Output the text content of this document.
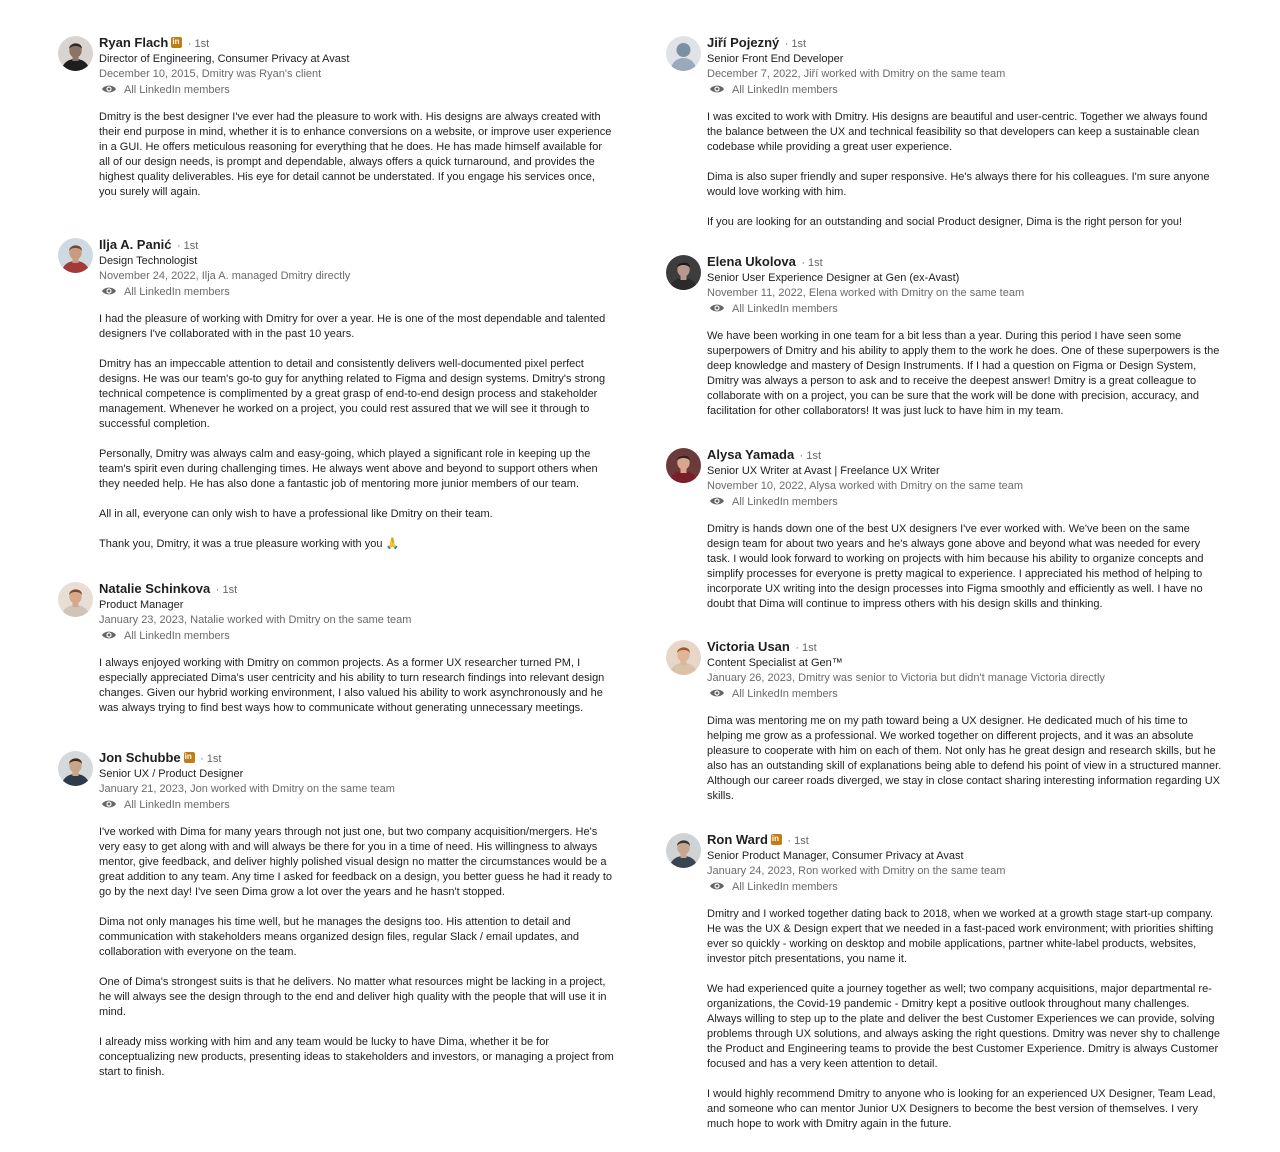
Ryan Flach in · 1st
Director of Engineering, Consumer Privacy at Avast
December 10, 2015, Dmitry was Ryan's client
All LinkedIn members

Dmitry is the best designer I've ever had the pleasure to work with. His designs are always created with their end purpose in mind, whether it is to enhance conversions on a website, or improve user experience in a GUI. He offers meticulous reasoning for everything that he does. He has made himself available for all of our design needs, is prompt and dependable, always offers a quick turnaround, and provides the highest quality deliverables. His eye for detail cannot be understated. If you engage his services once, you surely will again.

Ilja A. Panić · 1st
Design Technologist
November 24, 2022, Ilja A. managed Dmitry directly
All LinkedIn members

I had the pleasure of working with Dmitry for over a year. He is one of the most dependable and talented designers I've collaborated with in the past 10 years.

Dmitry has an impeccable attention to detail and consistently delivers well-documented pixel perfect designs. He was our team's go-to guy for anything related to Figma and design systems. Dmitry's strong technical competence is complimented by a great grasp of end-to-end design process and stakeholder management. Whenever he worked on a project, you could rest assured that we will see it through to successful completion.

Personally, Dmitry was always calm and easy-going, which played a significant role in keeping up the team's spirit even during challenging times. He always went above and beyond to support others when they needed help. He has also done a fantastic job of mentoring more junior members of our team.

All in all, everyone can only wish to have a professional like Dmitry on their team.

Thank you, Dmitry, it was a true pleasure working with you 🙏

Natalie Schinkova · 1st
Product Manager
January 23, 2023, Natalie worked with Dmitry on the same team
All LinkedIn members

I always enjoyed working with Dmitry on common projects. As a former UX researcher turned PM, I especially appreciated Dima's user centricity and his ability to turn research findings into relevant design changes. Given our hybrid working environment, I also valued his ability to work asynchronously and he was always trying to find best ways how to communicate without generating unnecessary meetings.

Jon Schubbe in · 1st
Senior UX / Product Designer
January 21, 2023, Jon worked with Dmitry on the same team
All LinkedIn members

I've worked with Dima for many years through not just one, but two company acquisition/mergers. He's very easy to get along with and will always be there for you in a time of need. His willingness to always mentor, give feedback, and deliver highly polished visual design no matter the circumstances would be a great addition to any team. Any time I asked for feedback on a design, you better guess he had it ready to go by the next day! I've seen Dima grow a lot over the years and he hasn't stopped.

Dima not only manages his time well, but he manages the designs too. His attention to detail and communication with stakeholders means organized design files, regular Slack / email updates, and collaboration with everyone on the team.

One of Dima's strongest suits is that he delivers. No matter what resources might be lacking in a project, he will always see the design through to the end and deliver high quality with the people that will use it in mind.

I already miss working with him and any team would be lucky to have Dima, whether it be for conceptualizing new products, presenting ideas to stakeholders and investors, or managing a project from start to finish.

Jiří Pojezný · 1st
Senior Front End Developer
December 7, 2022, Jiří worked with Dmitry on the same team
All LinkedIn members

I was excited to work with Dmitry. His designs are beautiful and user-centric. Together we always found the balance between the UX and technical feasibility so that developers can keep a sustainable clean codebase while providing a great user experience.

Dima is also super friendly and super responsive. He's always there for his colleagues. I'm sure anyone would love working with him.

If you are looking for an outstanding and social Product designer, Dima is the right person for you!

Elena Ukolova · 1st
Senior User Experience Designer at Gen (ex-Avast)
November 11, 2022, Elena worked with Dmitry on the same team
All LinkedIn members

We have been working in one team for a bit less than a year. During this period I have seen some superpowers of Dmitry and his ability to apply them to the work he does. One of these superpowers is the deep knowledge and mastery of Design Instruments. If I had a question on Figma or Design System, Dmitry was always a person to ask and to receive the deepest answer! Dmitry is a great colleague to collaborate with on a project, you can be sure that the work will be done with precision, accuracy, and facilitation for other collaborators! It was just luck to have him in my team.

Alysa Yamada · 1st
Senior UX Writer at Avast | Freelance UX Writer
November 10, 2022, Alysa worked with Dmitry on the same team
All LinkedIn members

Dmitry is hands down one of the best UX designers I've ever worked with. We've been on the same design team for about two years and he's always gone above and beyond what was needed for every task. I would look forward to working on projects with him because his ability to organize concepts and simplify processes for everyone is pretty magical to experience. I appreciated his method of helping to incorporate UX writing into the design processes into Figma smoothly and efficiently as well. I have no doubt that Dima will continue to impress others with his design skills and thinking.

Victoria Usan · 1st
Content Specialist at Gen™
January 26, 2023, Dmitry was senior to Victoria but didn't manage Victoria directly
All LinkedIn members

Dima was mentoring me on my path toward being a UX designer. He dedicated much of his time to helping me grow as a professional. We worked together on different projects, and it was an absolute pleasure to cooperate with him on each of them. Not only has he great design and research skills, but he also has an outstanding skill of explanations being able to defend his point of view in a structured manner. Although our career roads diverged, we stay in close contact sharing interesting information regarding UX skills.

Ron Ward in · 1st
Senior Product Manager, Consumer Privacy at Avast
January 24, 2023, Ron worked with Dmitry on the same team
All LinkedIn members

Dmitry and I worked together dating back to 2018, when we worked at a growth stage start-up company. He was the UX & Design expert that we needed in a fast-paced work environment; with priorities shifting ever so quickly - working on desktop and mobile applications, partner white-label products, websites, investor pitch presentations, you name it.

We had experienced quite a journey together as well; two company acquisitions, major departmental re-organizations, the Covid-19 pandemic - Dmitry kept a positive outlook throughout many challenges. Always willing to step up to the plate and deliver the best Customer Experiences we can provide, solving problems through UX solutions, and always asking the right questions. Dmitry was never shy to challenge the Product and Engineering teams to provide the best Customer Experience. Dmitry is always Customer focused and has a very keen attention to detail.

I would highly recommend Dmitry to anyone who is looking for an experienced UX Designer, Team Lead, and someone who can mentor Junior UX Designers to become the best version of themselves. I very much hope to work with Dmitry again in the future.
